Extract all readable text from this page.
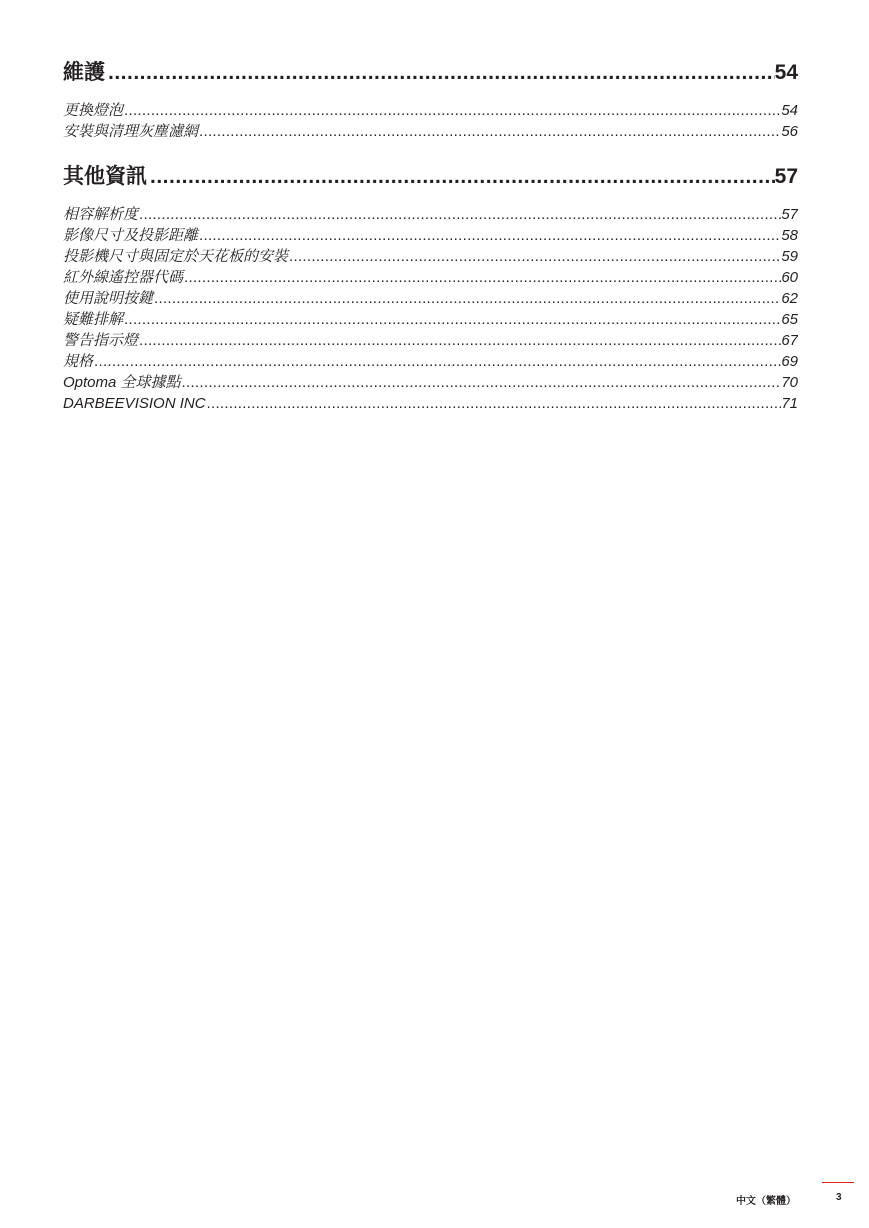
維護 .....	54
更換燈泡 .....	54
安裝與清理灰塵濾網 .....	56
其他資訊 .....	57
相容解析度 .....	57
影像尺寸及投影距離 .....	58
投影機尺寸與固定於天花板的安裝 .....	59
紅外線遙控器代碼 .....	60
使用說明按鍵 .....	62
疑難排解 .....	65
警告指示燈 .....	67
規格 .....	69
Optoma 全球據點 .....	70
DARBEEVISION INC .....	71
中文（繁體）	3
